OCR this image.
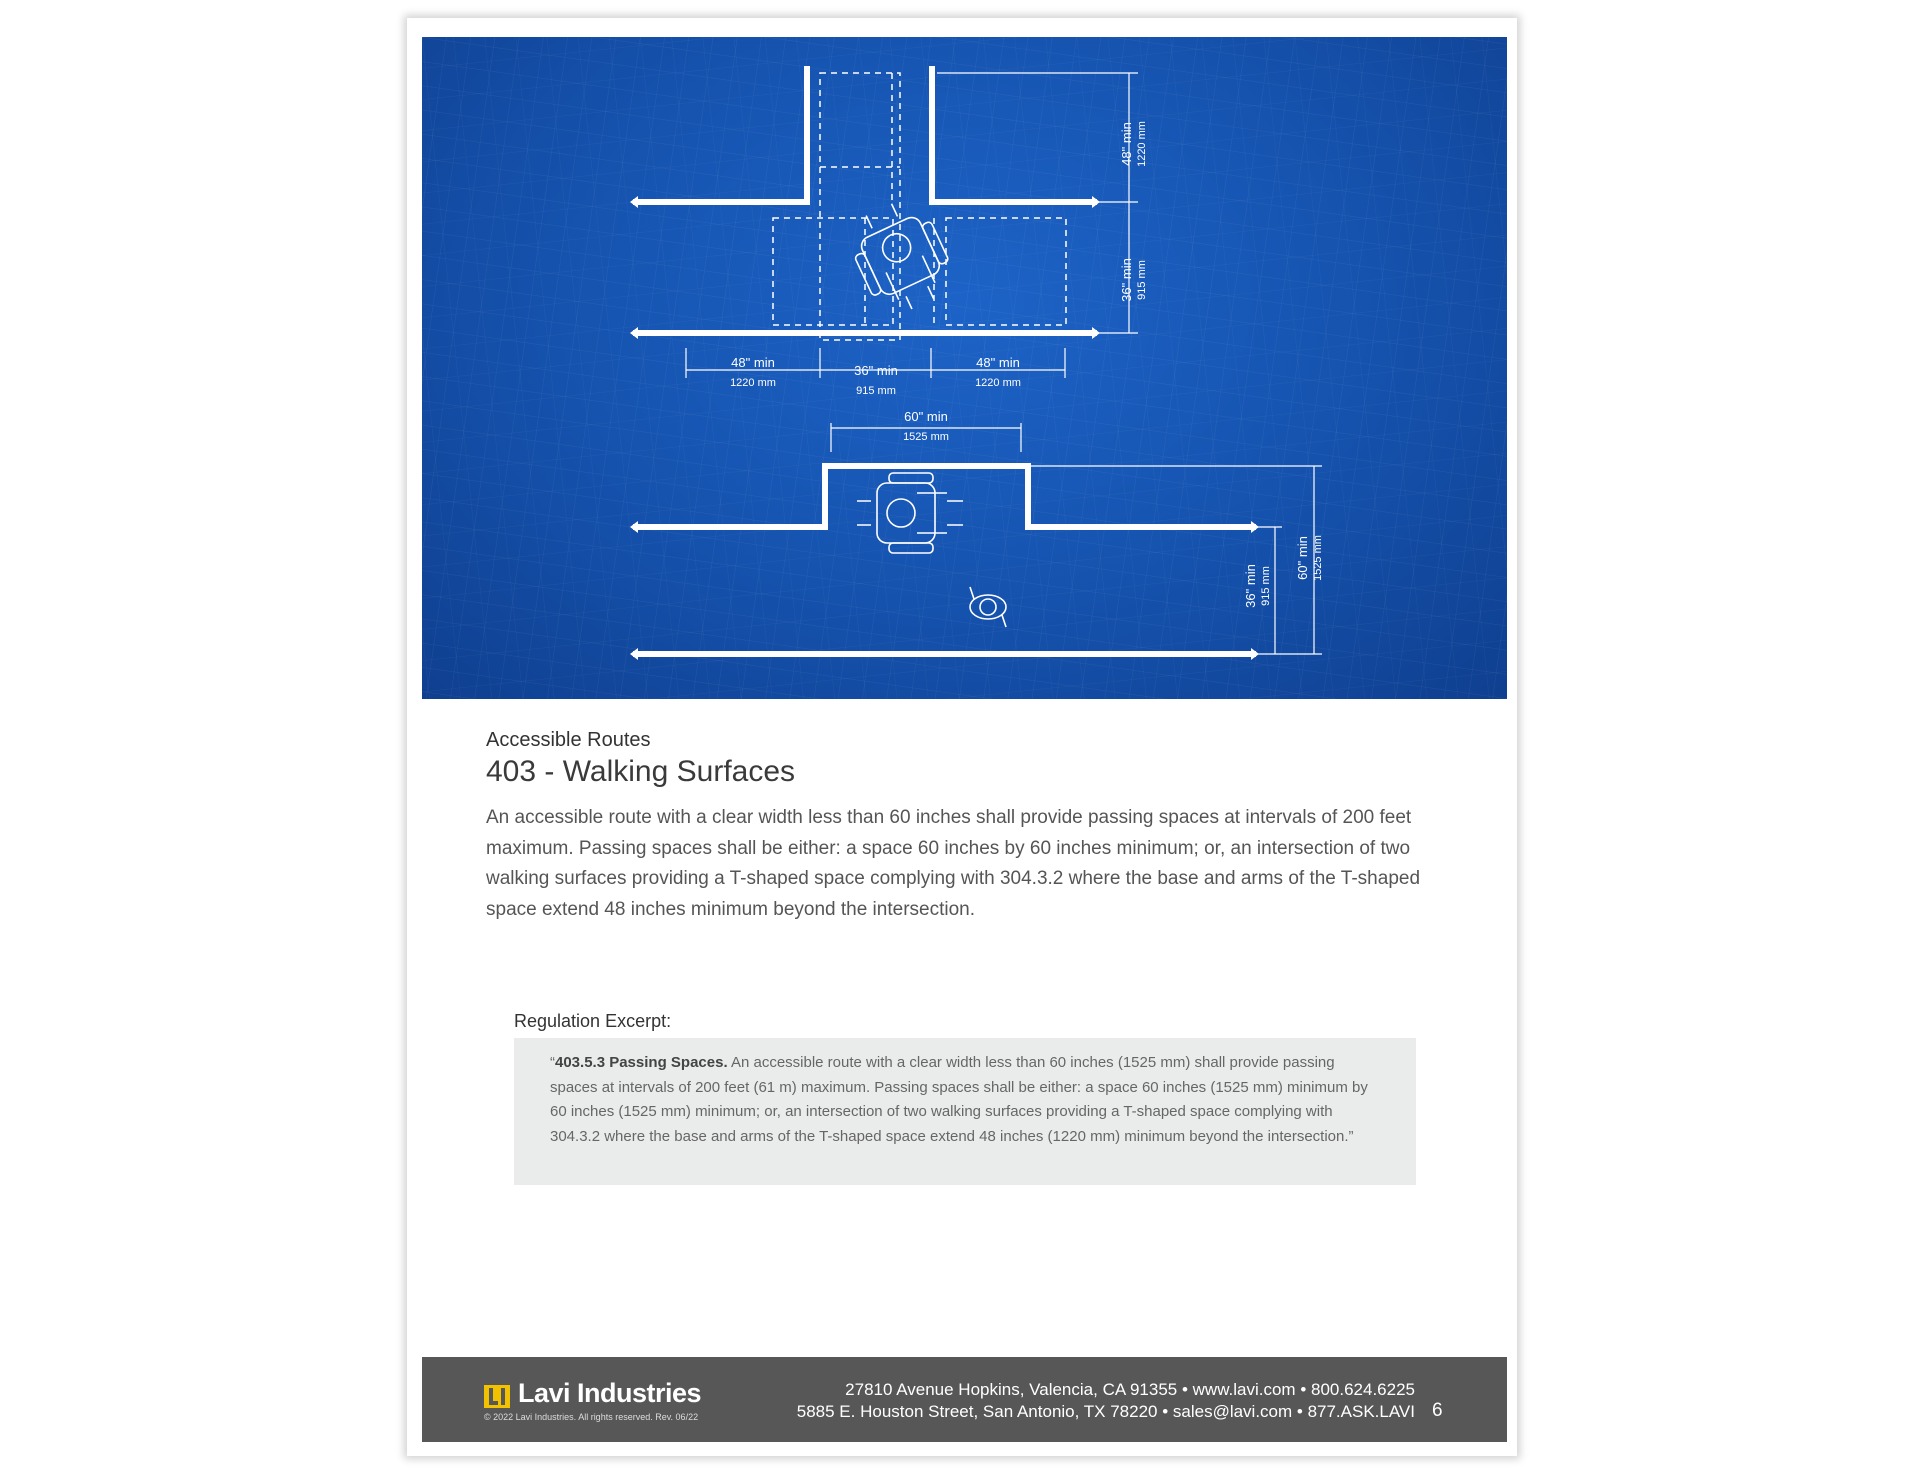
48" min 1220 mm
36" min 915 mm
48" min
1220 mm
36" min
915 mm
48" min
1220 mm
60" min
1525 mm
36" min 915 mm
60" min 1525 mm
Accessible Routes
403 - Walking Surfaces
An accessible route with a clear width less than 60 inches shall provide passing spaces at intervals of 200 feet maximum. Passing spaces shall be either: a space 60 inches by 60 inches minimum; or, an intersection of two walking surfaces providing a T-shaped space complying with 304.3.2 where the base and arms of the T-shaped space extend 48 inches minimum beyond the intersection.
Regulation Excerpt:
“403.5.3 Passing Spaces. An accessible route with a clear width less than 60 inches (1525 mm) shall provide passing spaces at intervals of 200 feet (61 m) maximum. Passing spaces shall be either: a space 60 inches (1525 mm) minimum by 60 inches (1525 mm) minimum; or, an intersection of two walking surfaces providing a T-shaped space complying with 304.3.2 where the base and arms of the T-shaped space extend 48 inches (1220 mm) minimum beyond the intersection.”
Lavi Industries
© 2022 Lavi Industries. All rights reserved. Rev. 06/22
27810 Avenue Hopkins, Valencia, CA 91355 • www.lavi.com • 800.624.6225
5885 E. Houston Street, San Antonio, TX 78220 • sales@lavi.com • 877.ASK.LAVI 6
